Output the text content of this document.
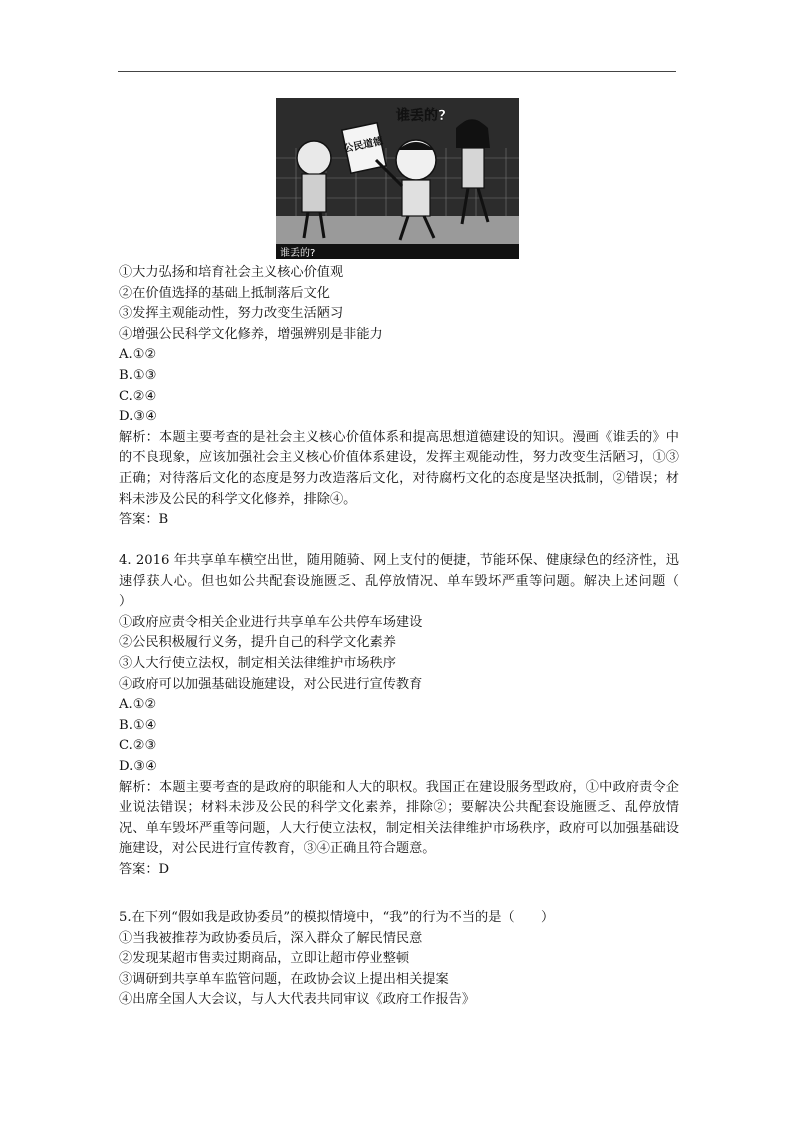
公民道德
谁丢的?
谁丢的?
①大力弘扬和培育社会主义核心价值观
②在价值选择的基础上抵制落后文化
③发挥主观能动性，努力改变生活陋习
④增强公民科学文化修养，增强辨别是非能力
A.①②
B.①③
C.②④
D.③④
解析：本题主要考查的是社会主义核心价值体系和提高思想道德建设的知识。漫画《谁丢的》中的不良现象，应该加强社会主义核心价值体系建设，发挥主观能动性，努力改变生活陋习，①③正确；对待落后文化的态度是努力改造落后文化，对待腐朽文化的态度是坚决抵制，②错误；材料未涉及公民的科学文化修养，排除④。
答案：B
4. 2016 年共享单车横空出世，随用随骑、网上支付的便捷，节能环保、健康绿色的经济性，迅速俘获人心。但也如公共配套设施匮乏、乱停放情况、单车毁坏严重等问题。解决上述问题（　　）
①政府应责令相关企业进行共享单车公共停车场建设
②公民积极履行义务，提升自己的科学文化素养
③人大行使立法权，制定相关法律维护市场秩序
④政府可以加强基础设施建设，对公民进行宣传教育
A.①②
B.①④
C.②③
D.③④
解析：本题主要考查的是政府的职能和人大的职权。我国正在建设服务型政府，①中政府责令企业说法错误；材料未涉及公民的科学文化素养，排除②；要解决公共配套设施匮乏、乱停放情况、单车毁坏严重等问题，人大行使立法权，制定相关法律维护市场秩序，政府可以加强基础设施建设，对公民进行宣传教育，③④正确且符合题意。
答案：D
5.在下列“假如我是政协委员”的模拟情境中，“我”的行为不当的是（　　）
①当我被推荐为政协委员后，深入群众了解民情民意
②发现某超市售卖过期商品，立即让超市停业整顿
③调研到共享单车监管问题，在政协会议上提出相关提案
④出席全国人大会议，与人大代表共同审议《政府工作报告》
